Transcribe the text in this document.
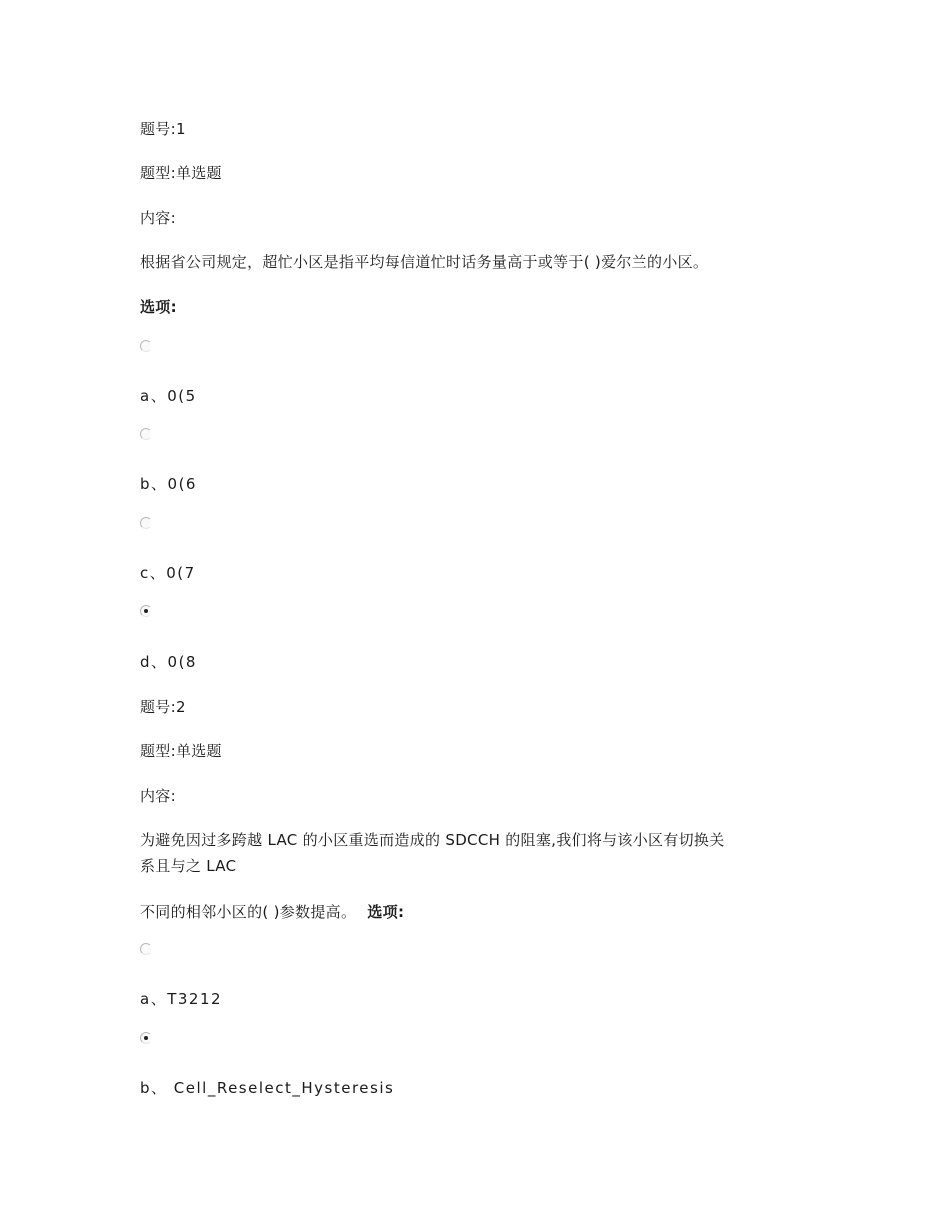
题号:1
题型:单选题
内容:
根据省公司规定，超忙小区是指平均每信道忙时话务量高于或等于( )爱尔兰的小区。
选项:
a、0(5
b、0(6
c、0(7
d、0(8
题号:2
题型:单选题
内容:
为避免因过多跨越 LAC 的小区重选而造成的 SDCCH 的阻塞,我们将与该小区有切换关
系且与之 LAC
不同的相邻小区的( )参数提高。 选项:
a、T3212
b、 Cell_Reselect_Hysteresis
